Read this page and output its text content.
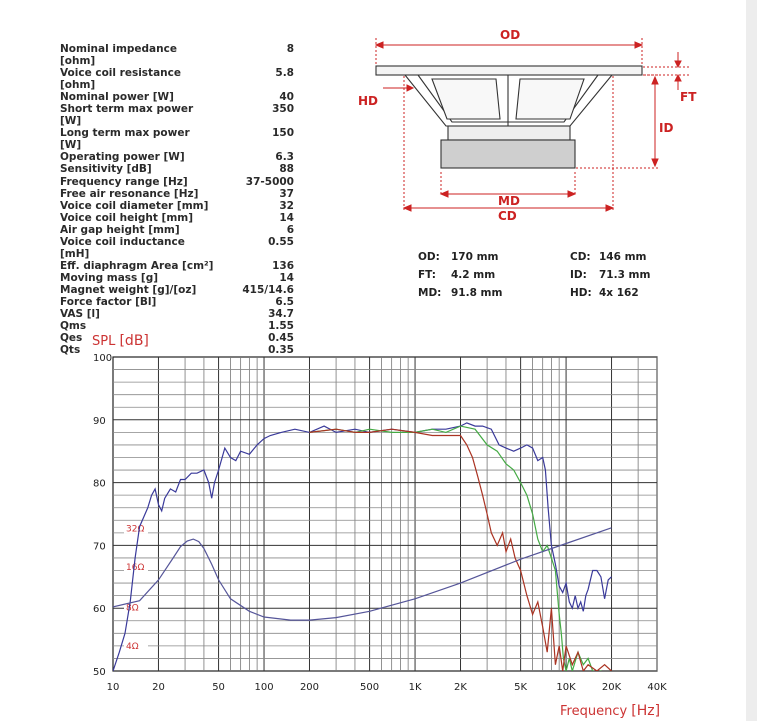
Nominal impedance [ohm]
8
Voice coil resistance [ohm]
5.8
Nominal power [W]	40
Short term max power [W]
350
Long term max power [W]
150
Operating power [W]	6.3
Sensitivity [dB]	88
Frequency range [Hz]	37-5000
Free air resonance [Hz]	37
Voice coil diameter [mm]	32
Voice coil height [mm]	14
Air gap height [mm]	6
Voice coil inductance [mH]
0.55
Eff. diaphragm Area [cm²]	136
Moving mass [g]	14
Magnet weight [g]/[oz]	415/14.6
Force factor [Bl]	6.5
VAS [l]	34.7
Qms	1.55
Qes	0.45
Qts	0.35
OD
HD	FT
ID
MD
CD
OD:	170 mm	CD: 146 mm
FT:	4.2 mm	ID:	71.3 mm
MD: 91.8 mm	HD: 4x 162
SPL [dB]
Frequency [Hz]
10	20	50	100	200	500	1K	2K	5K	10K	20K	40K
50
60
70
80
90
100
32Ω
16Ω
8Ω
4Ω
